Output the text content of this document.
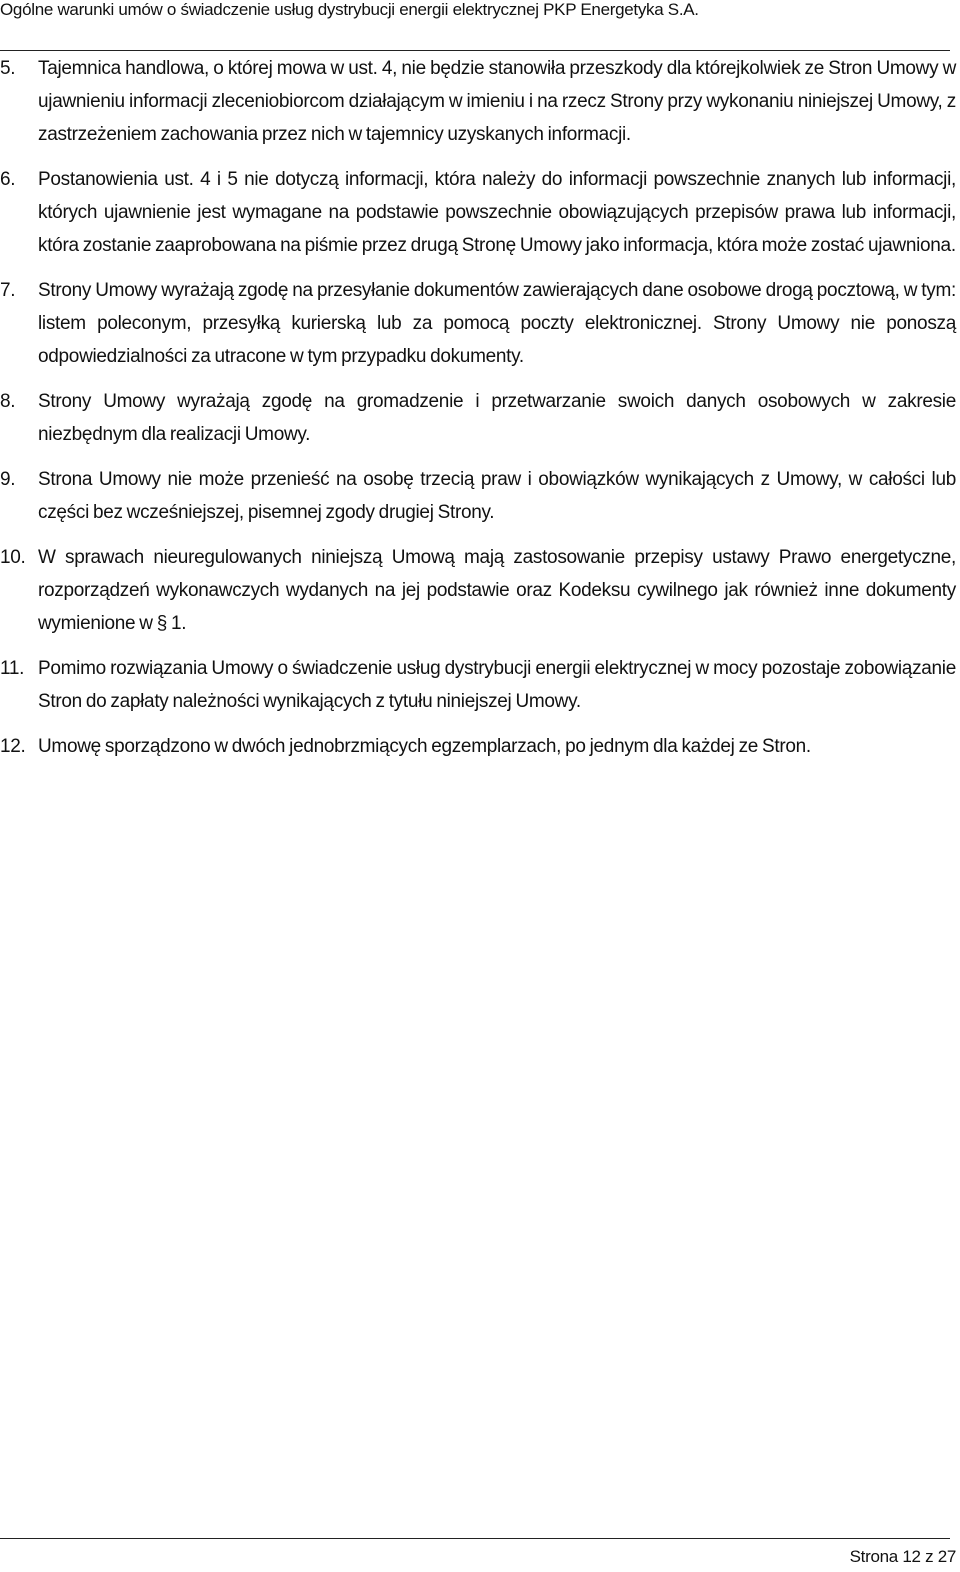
Ogólne warunki umów o świadczenie usług dystrybucji energii elektrycznej PKP Energetyka S.A.
5. Tajemnica handlowa, o której mowa w ust. 4, nie będzie stanowiła przeszkody dla którejkolwiek ze Stron Umowy w ujawnieniu informacji zleceniobiorcom działającym w imieniu i na rzecz Strony przy wykonaniu niniejszej Umowy, z zastrzeżeniem zachowania przez nich w tajemnicy uzyskanych informacji.
6. Postanowienia ust. 4 i 5 nie dotyczą informacji, która należy do informacji powszechnie znanych lub informacji, których ujawnienie jest wymagane na podstawie powszechnie obowiązujących przepisów prawa lub informacji, która zostanie zaaprobowana na piśmie przez drugą Stronę Umowy jako informacja, która może zostać ujawniona.
7. Strony Umowy wyrażają zgodę na przesyłanie dokumentów zawierających dane osobowe drogą pocztową, w tym: listem poleconym, przesyłką kurierską lub za pomocą poczty elektronicznej. Strony Umowy nie ponoszą odpowiedzialności za utracone w tym przypadku dokumenty.
8. Strony Umowy wyrażają zgodę na gromadzenie i przetwarzanie swoich danych osobowych w zakresie niezbędnym dla realizacji Umowy.
9. Strona Umowy nie może przenieść na osobę trzecią praw i obowiązków wynikających z Umowy, w całości lub części bez wcześniejszej, pisemnej zgody drugiej Strony.
10. W sprawach nieuregulowanych niniejszą Umową mają zastosowanie przepisy ustawy Prawo energetyczne, rozporządzeń wykonawczych wydanych na jej podstawie oraz Kodeksu cywilnego jak również inne dokumenty wymienione w § 1.
11. Pomimo rozwiązania Umowy o świadczenie usług dystrybucji energii elektrycznej w mocy pozostaje zobowiązanie Stron do zapłaty należności wynikających z tytułu niniejszej Umowy.
12. Umowę sporządzono w dwóch jednobrzmiących egzemplarzach, po jednym dla każdej ze Stron.
Strona 12 z 27
